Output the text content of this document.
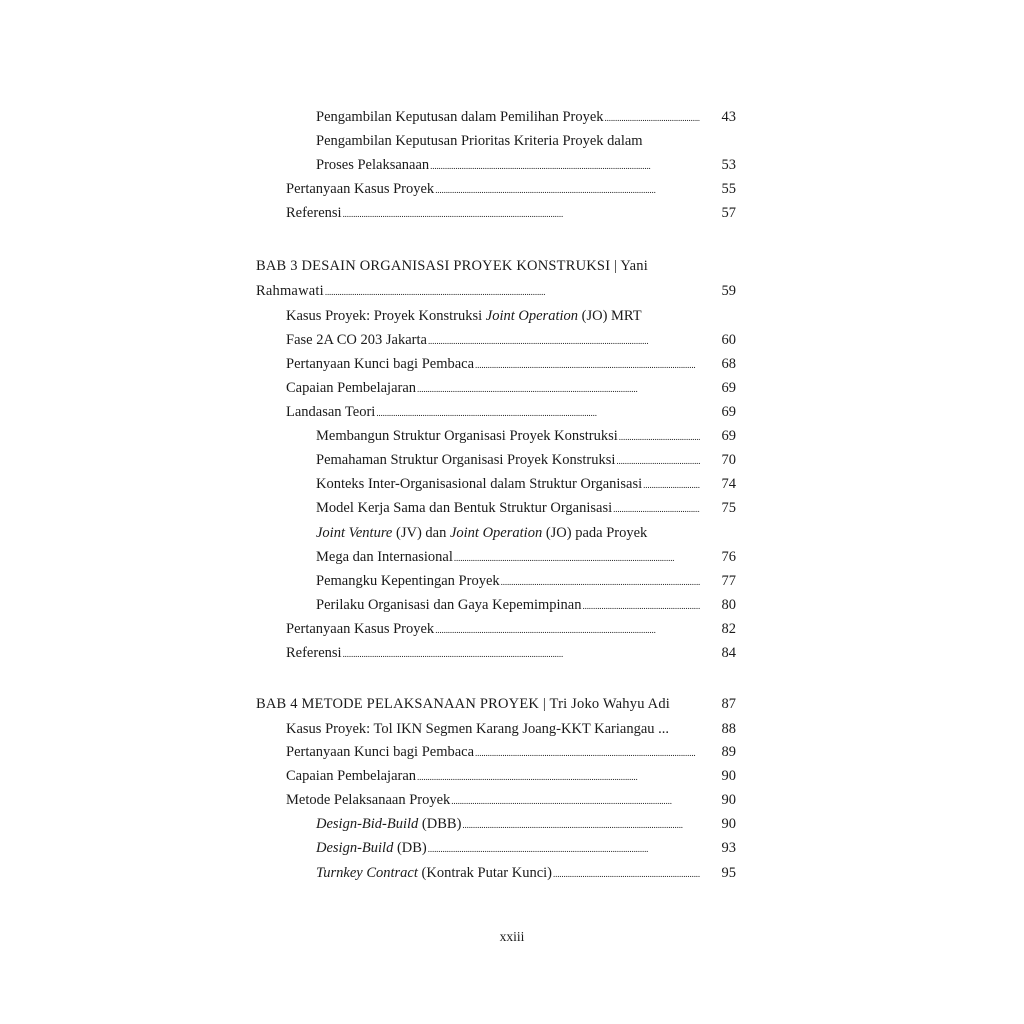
Pengambilan Keputusan dalam Pemilihan Proyek . . .	43
Pengambilan Keputusan Prioritas Kriteria Proyek dalam
Proses Pelaksanaan . . .	53
Pertanyaan Kasus Proyek . . .	55
Referensi . . .	57
BAB 3 DESAIN ORGANISASI PROYEK KONSTRUKSI | Yani
Rahmawati . . .	59
Kasus Proyek: Proyek Konstruksi Joint Operation (JO) MRT
Fase 2A CO 203 Jakarta . . .	60
Pertanyaan Kunci bagi Pembaca . . .	68
Capaian Pembelajaran . . .	69
Landasan Teori . . .	69
Membangun Struktur Organisasi Proyek Konstruksi . . .	69
Pemahaman Struktur Organisasi Proyek Konstruksi . . .	70
Konteks Inter-Organisasional dalam Struktur Organisasi . . .	74
Model Kerja Sama dan Bentuk Struktur Organisasi . . .	75
Joint Venture (JV) dan Joint Operation (JO) pada Proyek
Mega dan Internasional . . .	76
Pemangku Kepentingan Proyek . . .	77
Perilaku Organisasi dan Gaya Kepemimpinan . . .	80
Pertanyaan Kasus Proyek . . .	82
Referensi . . .	84
BAB 4 METODE PELAKSANAAN PROYEK | Tri Joko Wahyu Adi	87
Kasus Proyek: Tol IKN Segmen Karang Joang-KKT Kariangau ...	88
Pertanyaan Kunci bagi Pembaca . . .	89
Capaian Pembelajaran . . .	90
Metode Pelaksanaan Proyek . . .	90
Design-Bid-Build (DBB) . . .	90
Design-Build (DB) . . .	93
Turnkey Contract (Kontrak Putar Kunci) . . .	95
xxiii
